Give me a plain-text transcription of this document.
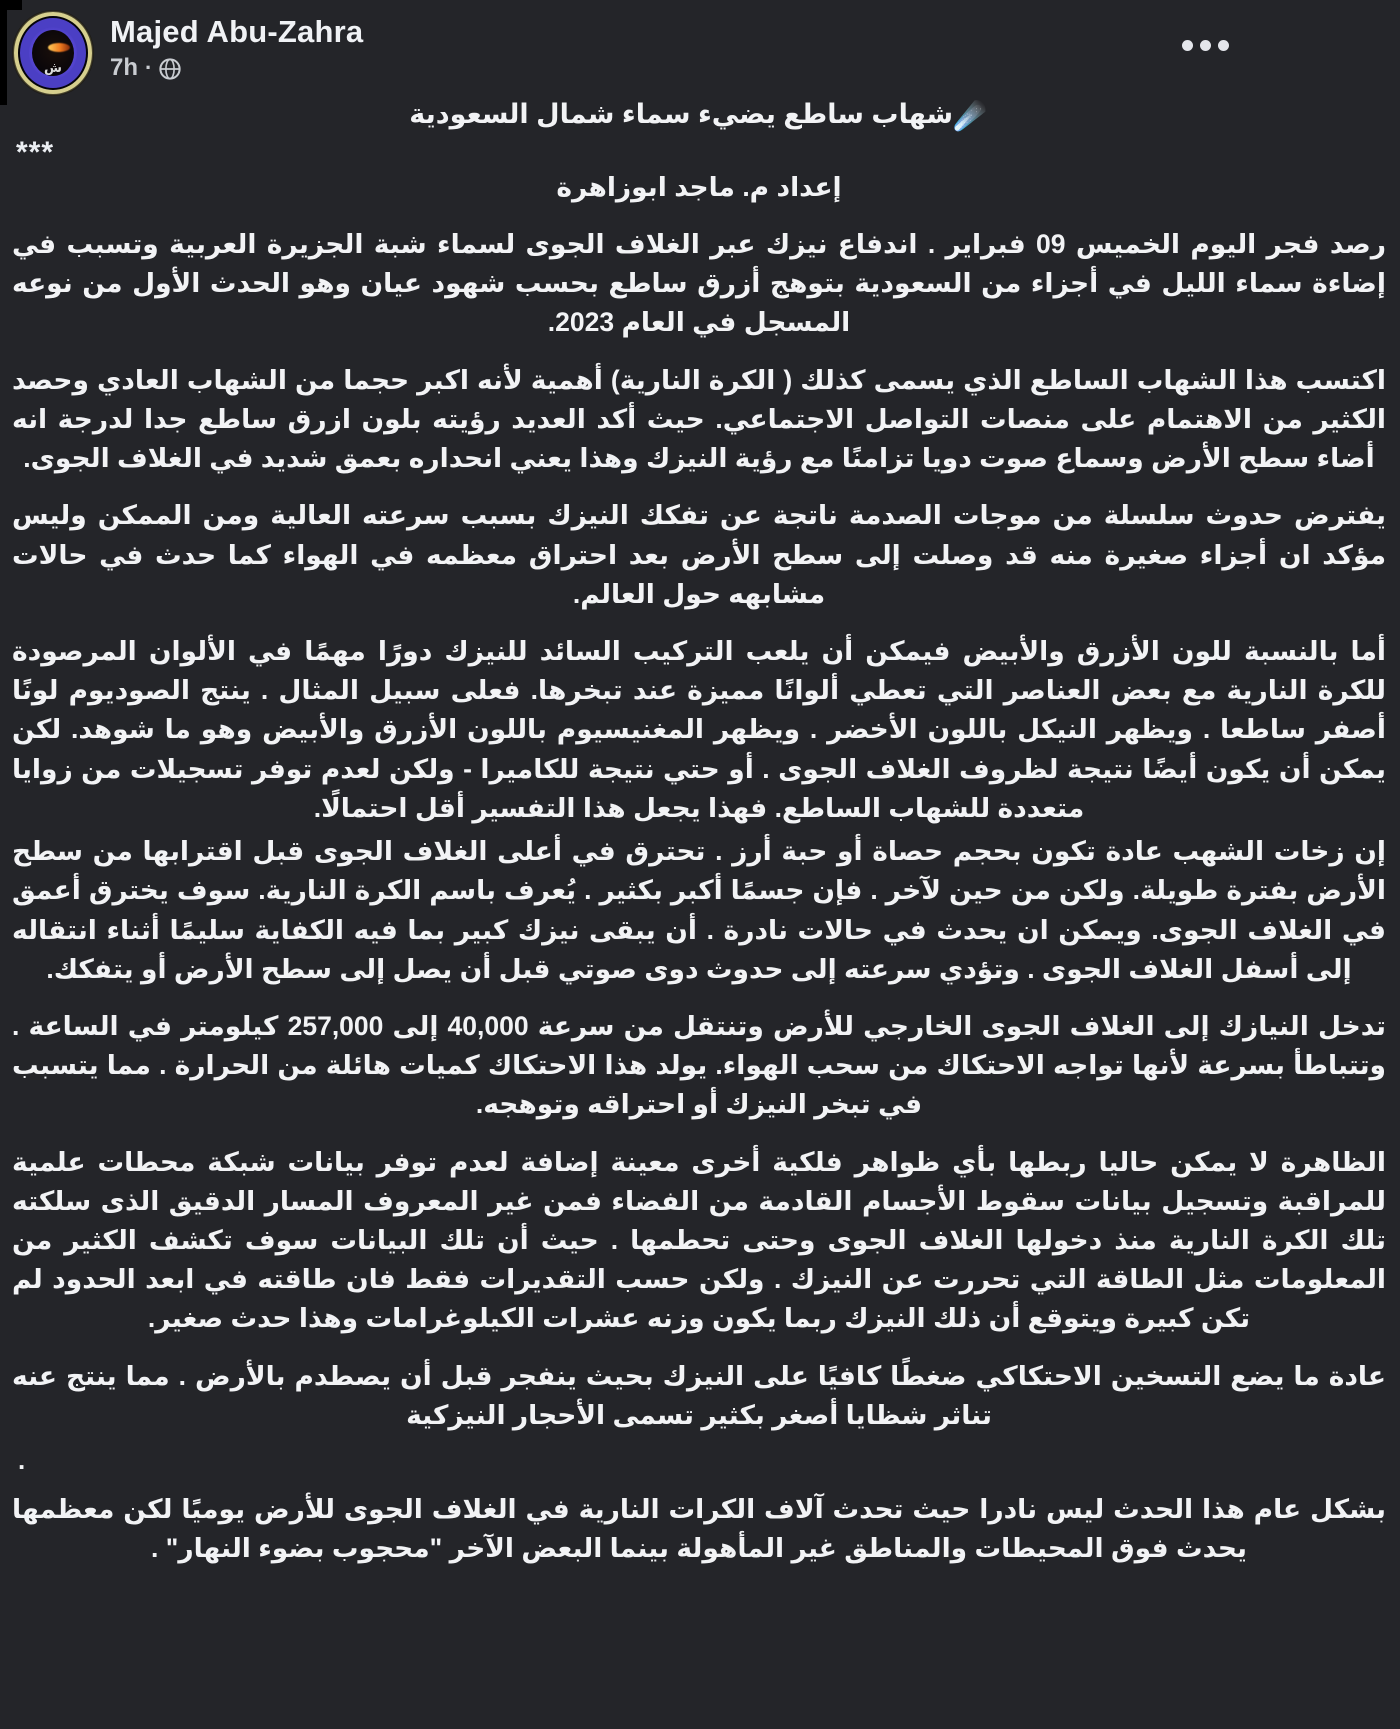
ش
Majed Abu-Zahra
7h ·
***
☄️شهاب ساطع يضيء سماء شمال السعودية
إعداد م. ماجد ابوزاهرة

رصد فجر اليوم الخميس 09 فبراير . اندفاع نيزك عبر الغلاف الجوى لسماء شبة الجزيرة العربية وتسبب في إضاءة سماء الليل في أجزاء من السعودية بتوهج أزرق ساطع بحسب شهود عيان وهو الحدث الأول من نوعه المسجل في العام 2023.

اكتسب هذا الشهاب الساطع الذي يسمى كذلك ( الكرة النارية) أهمية لأنه اكبر حجما من الشهاب العادي وحصد الكثير من الاهتمام على منصات التواصل الاجتماعي. حيث أكد العديد رؤيته بلون ازرق ساطع جدا لدرجة انه أضاء سطح الأرض وسماع صوت دويا تزامنًا مع رؤية النيزك وهذا يعني انحداره بعمق شديد في الغلاف الجوى.

يفترض حدوث سلسلة من موجات الصدمة ناتجة عن تفكك النيزك بسبب سرعته العالية ومن الممكن وليس مؤكد ان أجزاء صغيرة منه قد وصلت إلى سطح الأرض بعد احتراق معظمه في الهواء كما حدث في حالات مشابهه حول العالم.

أما بالنسبة للون الأزرق والأبيض فيمكن أن يلعب التركيب السائد للنيزك دورًا مهمًا في الألوان المرصودة للكرة النارية مع بعض العناصر التي تعطي ألوانًا مميزة عند تبخرها. فعلى سبيل المثال . ينتج الصوديوم لونًا أصفر ساطعا . ويظهر النيكل باللون الأخضر . ويظهر المغنيسيوم باللون الأزرق والأبيض وهو ما شوهد. لكن يمكن أن يكون أيضًا نتيجة لظروف الغلاف الجوى . أو حتي نتيجة للكاميرا - ولكن لعدم توفر تسجيلات من زوايا متعددة للشهاب الساطع. فهذا يجعل هذا التفسير أقل احتمالًا.

إن زخات الشهب عادة تكون بحجم حصاة أو حبة أرز . تحترق في أعلى الغلاف الجوى قبل اقترابها من سطح الأرض بفترة طويلة. ولكن من حين لآخر . فإن جسمًا أكبر بكثير . يُعرف باسم الكرة النارية. سوف يخترق أعمق في الغلاف الجوى. ويمكن ان يحدث في حالات نادرة . أن يبقى نيزك كبير بما فيه الكفاية سليمًا أثناء انتقاله إلى أسفل الغلاف الجوى . وتؤدي سرعته إلى حدوث دوى صوتي قبل أن يصل إلى سطح الأرض أو يتفكك.

تدخل النيازك إلى الغلاف الجوى الخارجي للأرض وتنتقل من سرعة 40,000 إلى 257,000 كيلومتر في الساعة . وتتباطأ بسرعة لأنها تواجه الاحتكاك من سحب الهواء. يولد هذا الاحتكاك كميات هائلة من الحرارة . مما يتسبب في تبخر النيزك أو احتراقه وتوهجه.

الظاهرة لا يمكن حاليا ربطها بأي ظواهر فلكية أخرى معينة إضافة لعدم توفر بيانات شبكة محطات علمية للمراقبة وتسجيل بيانات سقوط الأجسام القادمة من الفضاء فمن غير المعروف المسار الدقيق الذى سلكته تلك الكرة النارية منذ دخولها الغلاف الجوى وحتى تحطمها . حيث أن تلك البيانات سوف تكشف الكثير من المعلومات مثل الطاقة التي تحررت عن النيزك . ولكن حسب التقديرات فقط فان طاقته في ابعد الحدود لم تكن كبيرة ويتوقع أن ذلك النيزك ربما يكون وزنه عشرات الكيلوغرامات وهذا حدث صغير.

عادة ما يضع التسخين الاحتكاكي ضغطًا كافيًا على النيزك بحيث ينفجر قبل أن يصطدم بالأرض . مما ينتج عنه تناثر شظايا أصغر بكثير تسمى الأحجار النيزكية

.

بشكل عام هذا الحدث ليس نادرا حيث تحدث آلاف الكرات النارية في الغلاف الجوى للأرض يوميًا لكن معظمها يحدث فوق المحيطات والمناطق غير المأهولة بينما البعض الآخر "محجوب بضوء النهار" .
